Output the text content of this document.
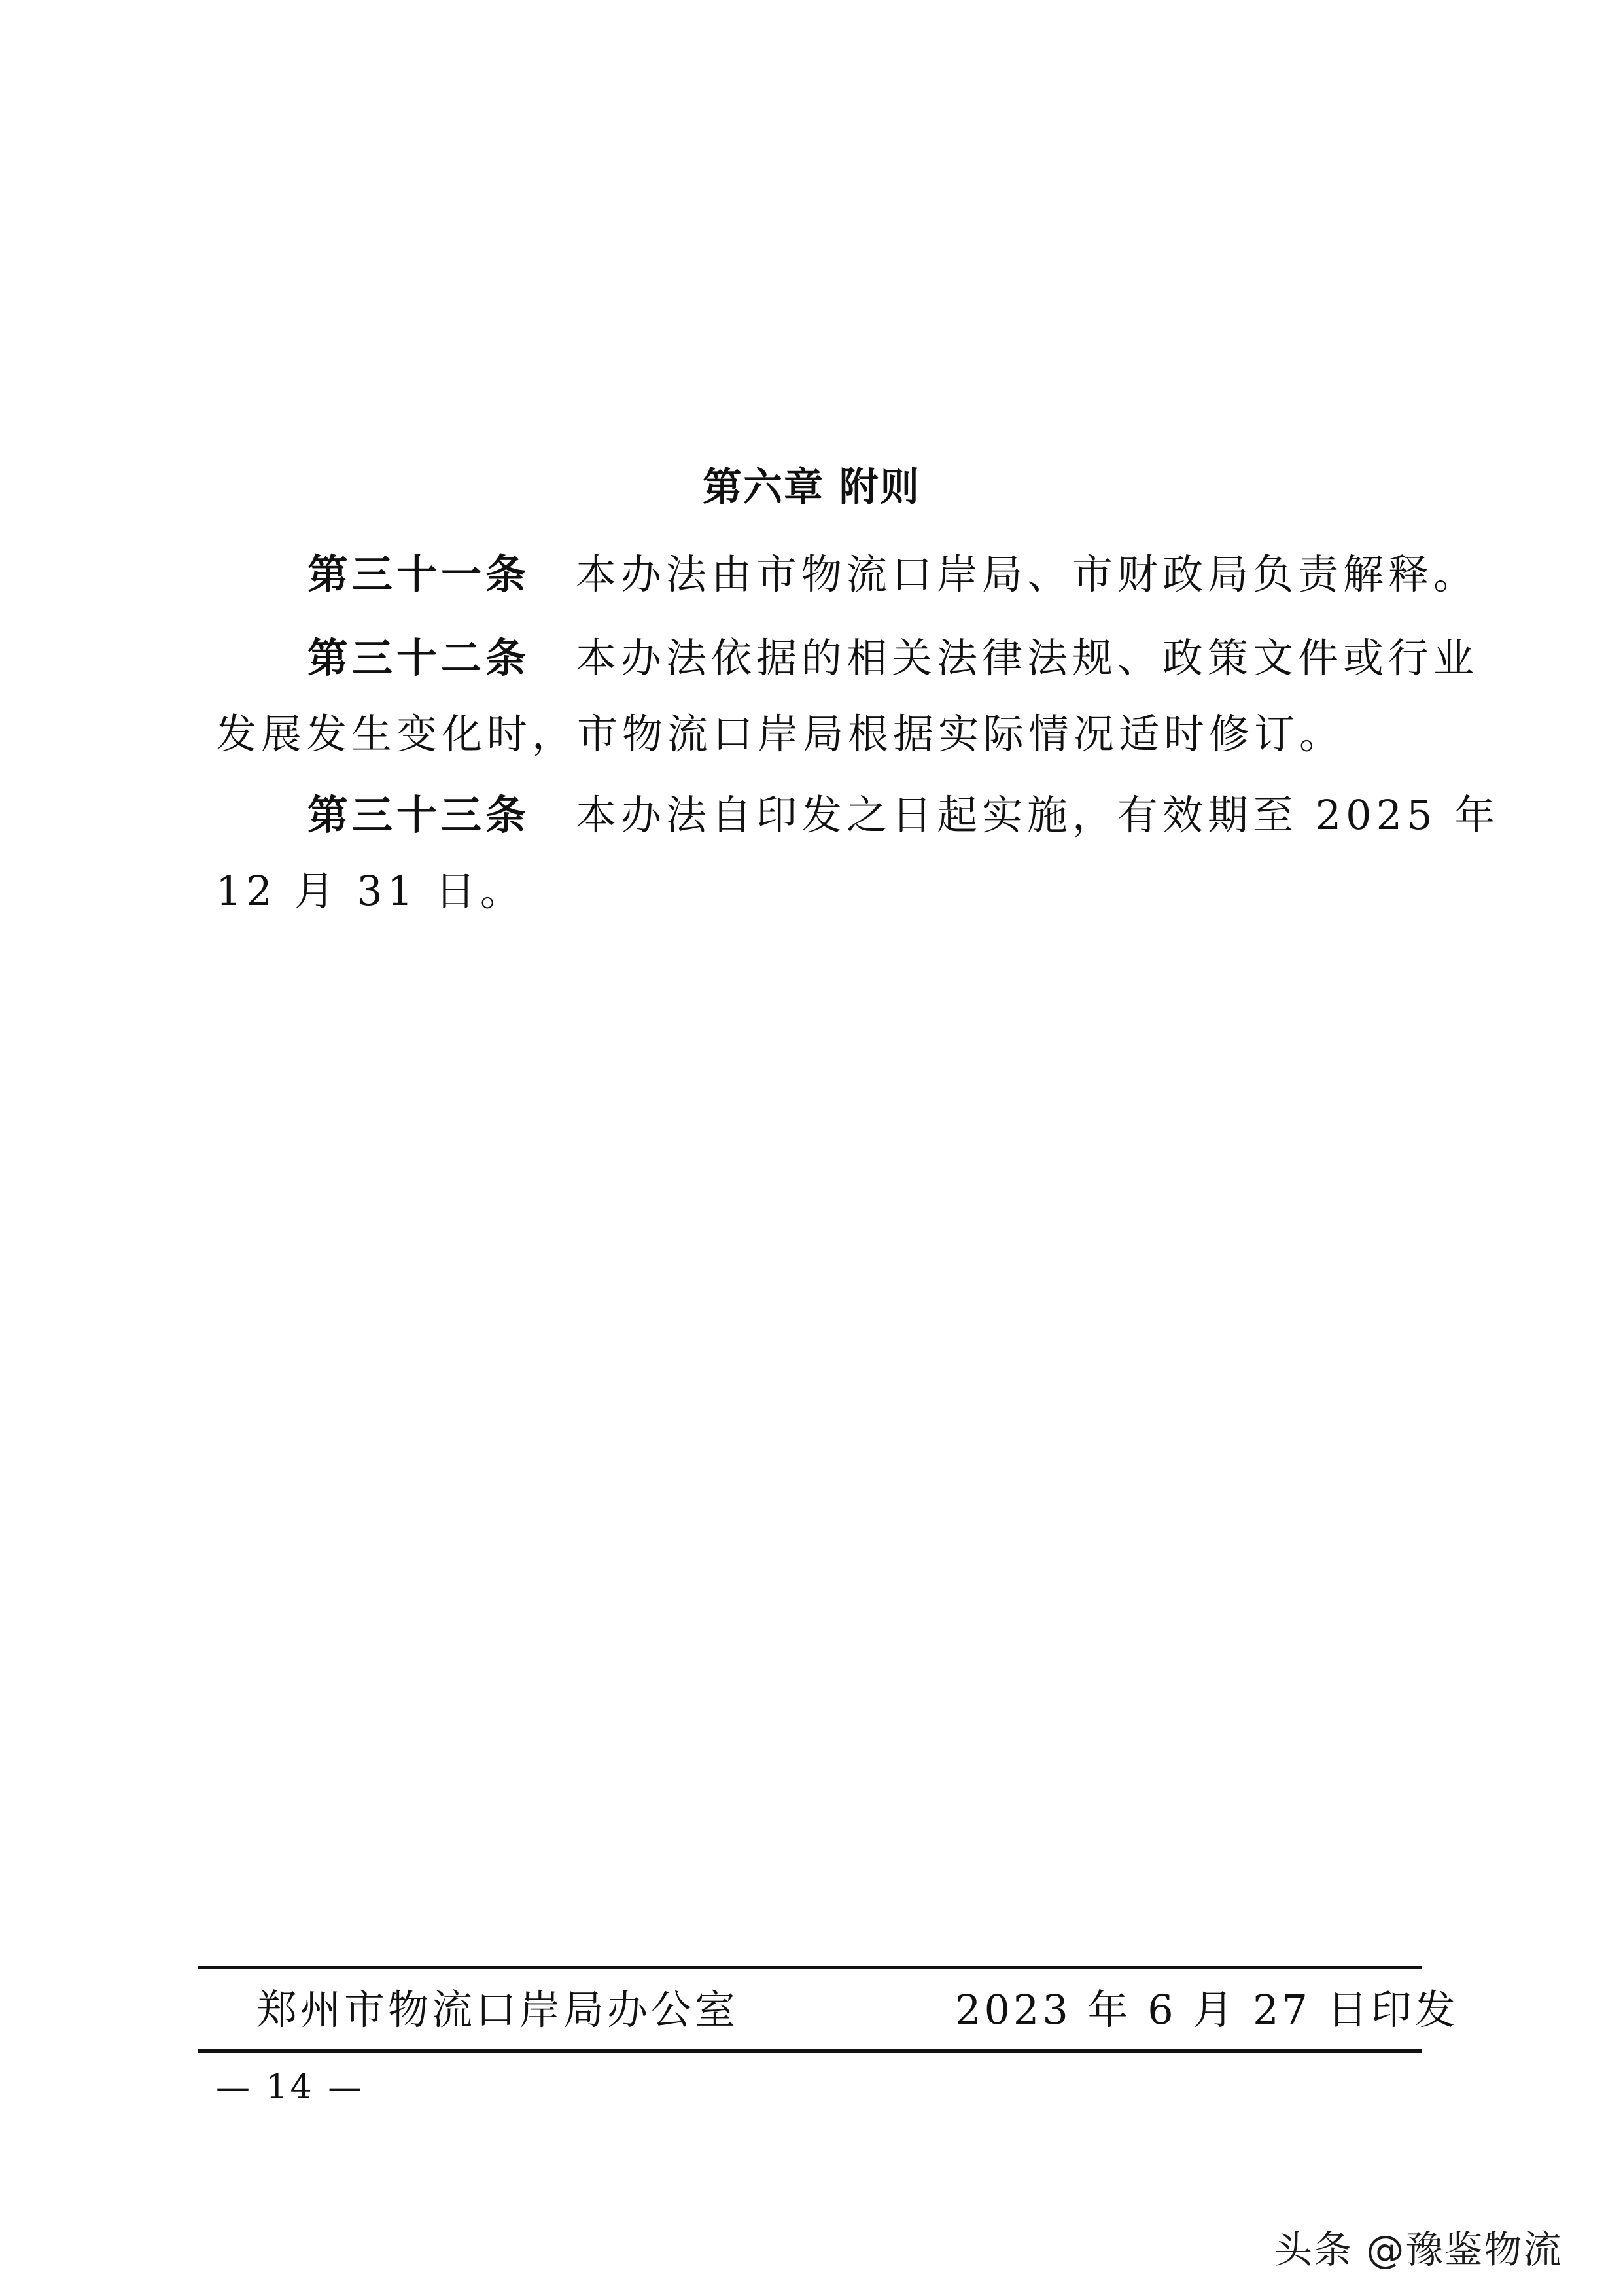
第六章 附则
第三十一条 本办法由市物流口岸局、市财政局负责解释。
第三十二条 本办法依据的相关法律法规、政策文件或行业
发展发生变化时，市物流口岸局根据实际情况适时修订。
第三十三条 本办法自印发之日起实施，有效期至 2025 年
12 月 31 日。
郑州市物流口岸局办公室	2023 年 6 月 27 日印发
— 14 —
头条 @豫鉴物流
